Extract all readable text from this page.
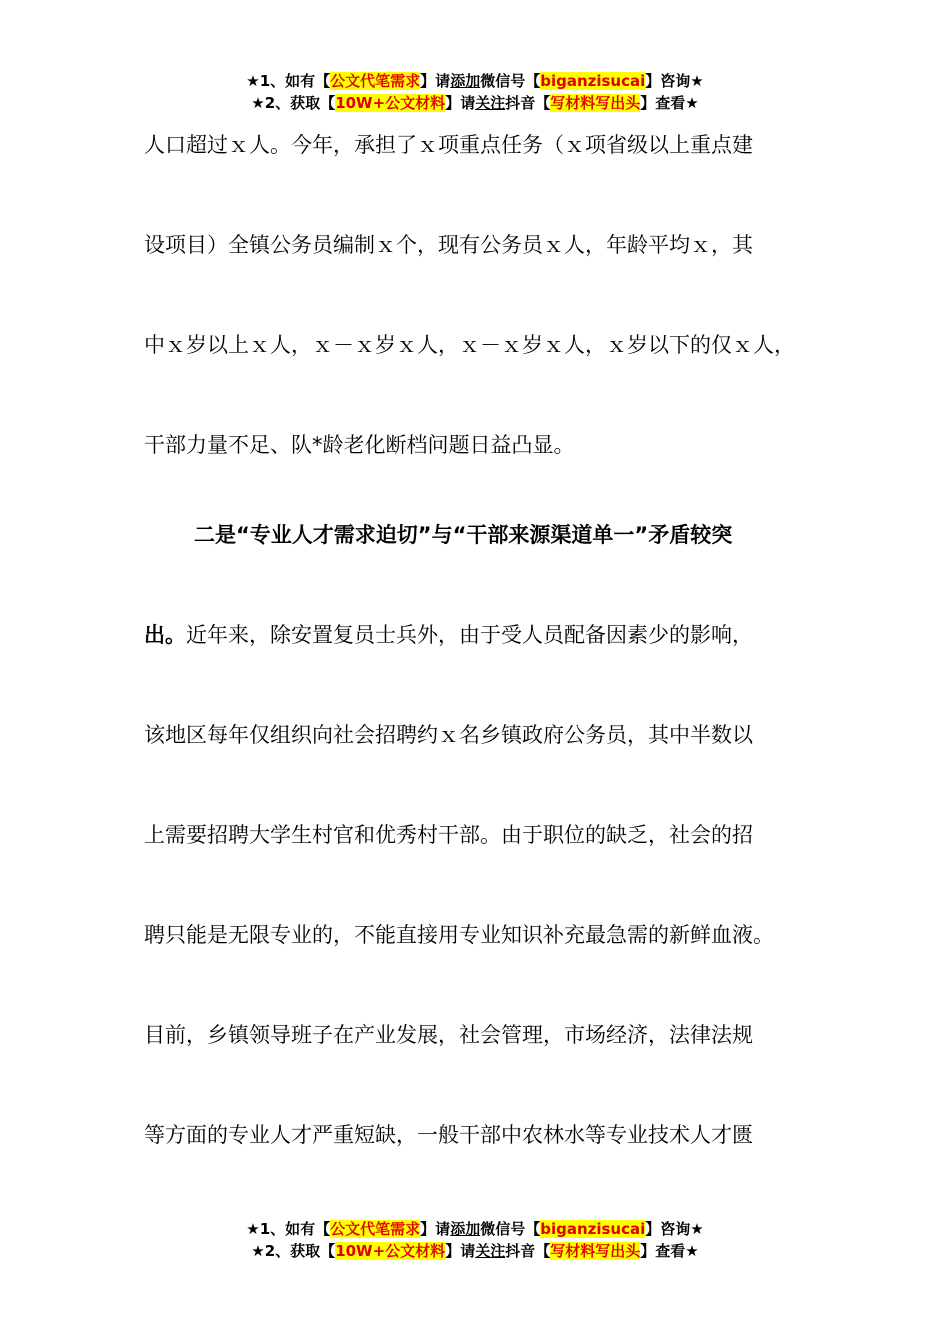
★1、如有【公文代笔需求】请添加微信号【biganzisucai】咨询★
★2、获取【10W+公文材料】请关注抖音【写材料写出头】查看★
人口超过ｘ人。今年，承担了ｘ项重点任务（ｘ项省级以上重点建
设项目）全镇公务员编制ｘ个，现有公务员ｘ人，年龄平均ｘ，其
中ｘ岁以上ｘ人，ｘ－ｘ岁ｘ人，ｘ－ｘ岁ｘ人，ｘ岁以下的仅ｘ人，
干部力量不足、队*龄老化断档问题日益凸显。
二是“专业人才需求迫切”与“干部来源渠道单一”矛盾较突
出。近年来，除安置复员士兵外，由于受人员配备因素少的影响，
该地区每年仅组织向社会招聘约ｘ名乡镇政府公务员，其中半数以
上需要招聘大学生村官和优秀村干部。由于职位的缺乏，社会的招
聘只能是无限专业的，不能直接用专业知识补充最急需的新鲜血液。
目前，乡镇领导班子在产业发展，社会管理，市场经济，法律法规
等方面的专业人才严重短缺，一般干部中农林水等专业技术人才匮
★1、如有【公文代笔需求】请添加微信号【biganzisucai】咨询★
★2、获取【10W+公文材料】请关注抖音【写材料写出头】查看★
